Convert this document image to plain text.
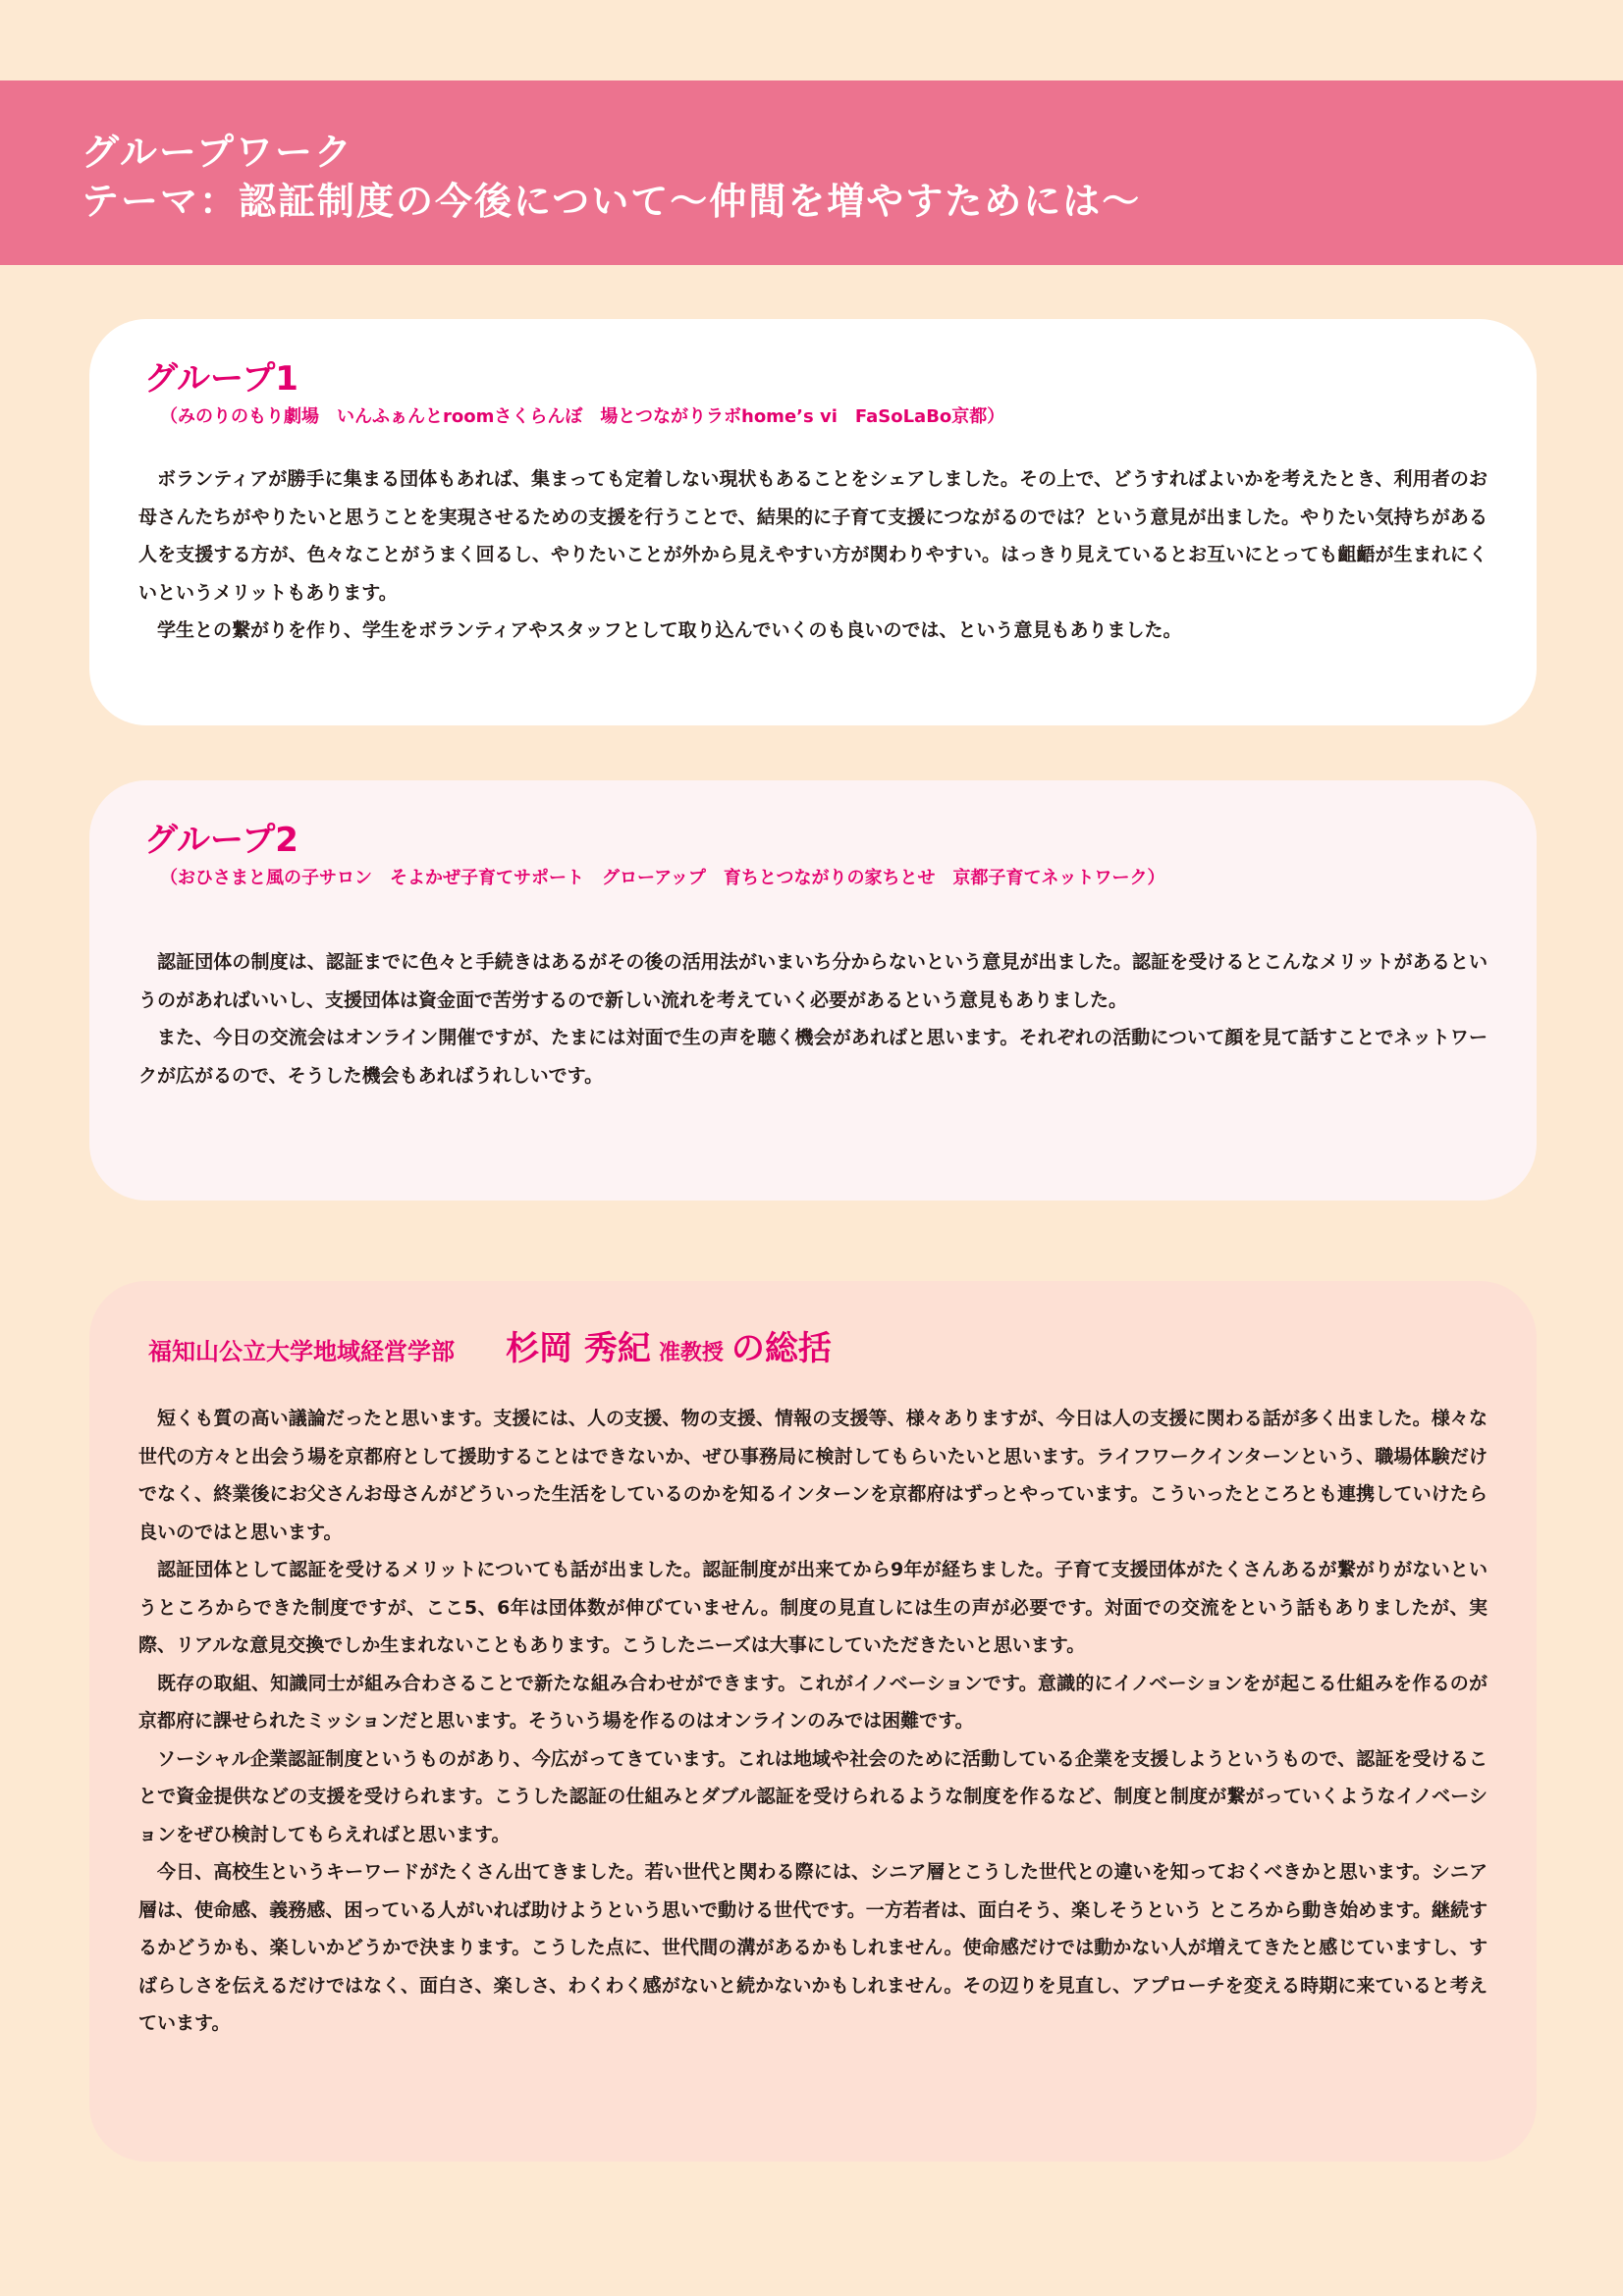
グループワーク
テーマ：認証制度の今後について～仲間を増やすためには～
グループ1
（みのりのもり劇場　いんふぁんとroomさくらんぼ　場とつながりラボhome’s vi　FaSoLaBo京都）

ボランティアが勝手に集まる団体もあれば、集まっても定着しない現状もあることをシェアしました。その上で、どうすればよいかを考えたとき、利用者のお母さんたちがやりたいと思うことを実現させるための支援を行うことで、結果的に子育て支援につながるのでは？という意見が出ました。やりたい気持ちがある人を支援する方が、色々なことがうまく回るし、やりたいことが外から見えやすい方が関わりやすい。はっきり見えているとお互いにとっても齟齬が生まれにくいというメリットもあります。

学生との繋がりを作り、学生をボランティアやスタッフとして取り込んでいくのも良いのでは、という意見もありました。

グループ2
（おひさまと風の子サロン　そよかぜ子育てサポート　グローアップ　育ちとつながりの家ちとせ　京都子育てネットワーク）

認証団体の制度は、認証までに色々と手続きはあるがその後の活用法がいまいち分からないという意見が出ました。認証を受けるとこんなメリットがあるというのがあればいいし、支援団体は資金面で苦労するので新しい流れを考えていく必要があるという意見もありました。

また、今日の交流会はオンライン開催ですが、たまには対面で生の声を聴く機会があればと思います。それぞれの活動について顔を見て話すことでネットワークが広がるので、そうした機会もあればうれしいです。

福知山公立大学地域経営学部 杉岡 秀紀 准教授 の総括

短くも質の高い議論だったと思います。支援には、人の支援、物の支援、情報の支援等、様々ありますが、今日は人の支援に関わる話が多く出ました。様々な世代の方々と出会う場を京都府として援助することはできないか、ぜひ事務局に検討してもらいたいと思います。ライフワークインターンという、職場体験だけでなく、終業後にお父さんお母さんがどういった生活をしているのかを知るインターンを京都府はずっとやっています。こういったところとも連携していけたら良いのではと思います。

認証団体として認証を受けるメリットについても話が出ました。認証制度が出来てから9年が経ちました。子育て支援団体がたくさんあるが繋がりがないというところからできた制度ですが、ここ5、6年は団体数が伸びていません。制度の見直しには生の声が必要です。対面での交流をという話もありましたが、実際、リアルな意見交換でしか生まれないこともあります。こうしたニーズは大事にしていただきたいと思います。

既存の取組、知識同士が組み合わさることで新たな組み合わせができます。これがイノベーションです。意識的にイノベーションをが起こる仕組みを作るのが京都府に課せられたミッションだと思います。そういう場を作るのはオンラインのみでは困難です。

ソーシャル企業認証制度というものがあり、今広がってきています。これは地域や社会のために活動している企業を支援しようというもので、認証を受けることで資金提供などの支援を受けられます。こうした認証の仕組みとダブル認証を受けられるような制度を作るなど、制度と制度が繋がっていくようなイノベーションをぜひ検討してもらえればと思います。

今日、高校生というキーワードがたくさん出てきました。若い世代と関わる際には、シニア層とこうした世代との違いを知っておくべきかと思います。シニア層は、使命感、義務感、困っている人がいれば助けようという思いで動ける世代です。一方若者は、面白そう、楽しそうという ところから動き始めます。継続するかどうかも、楽しいかどうかで決まります。こうした点に、世代間の溝があるかもしれません。使命感だけでは動かない人が増えてきたと感じていますし、すばらしさを伝えるだけではなく、面白さ、楽しさ、わくわく感がないと続かないかもしれません。その辺りを見直し、アプローチを変える時期に来ていると考えています。
